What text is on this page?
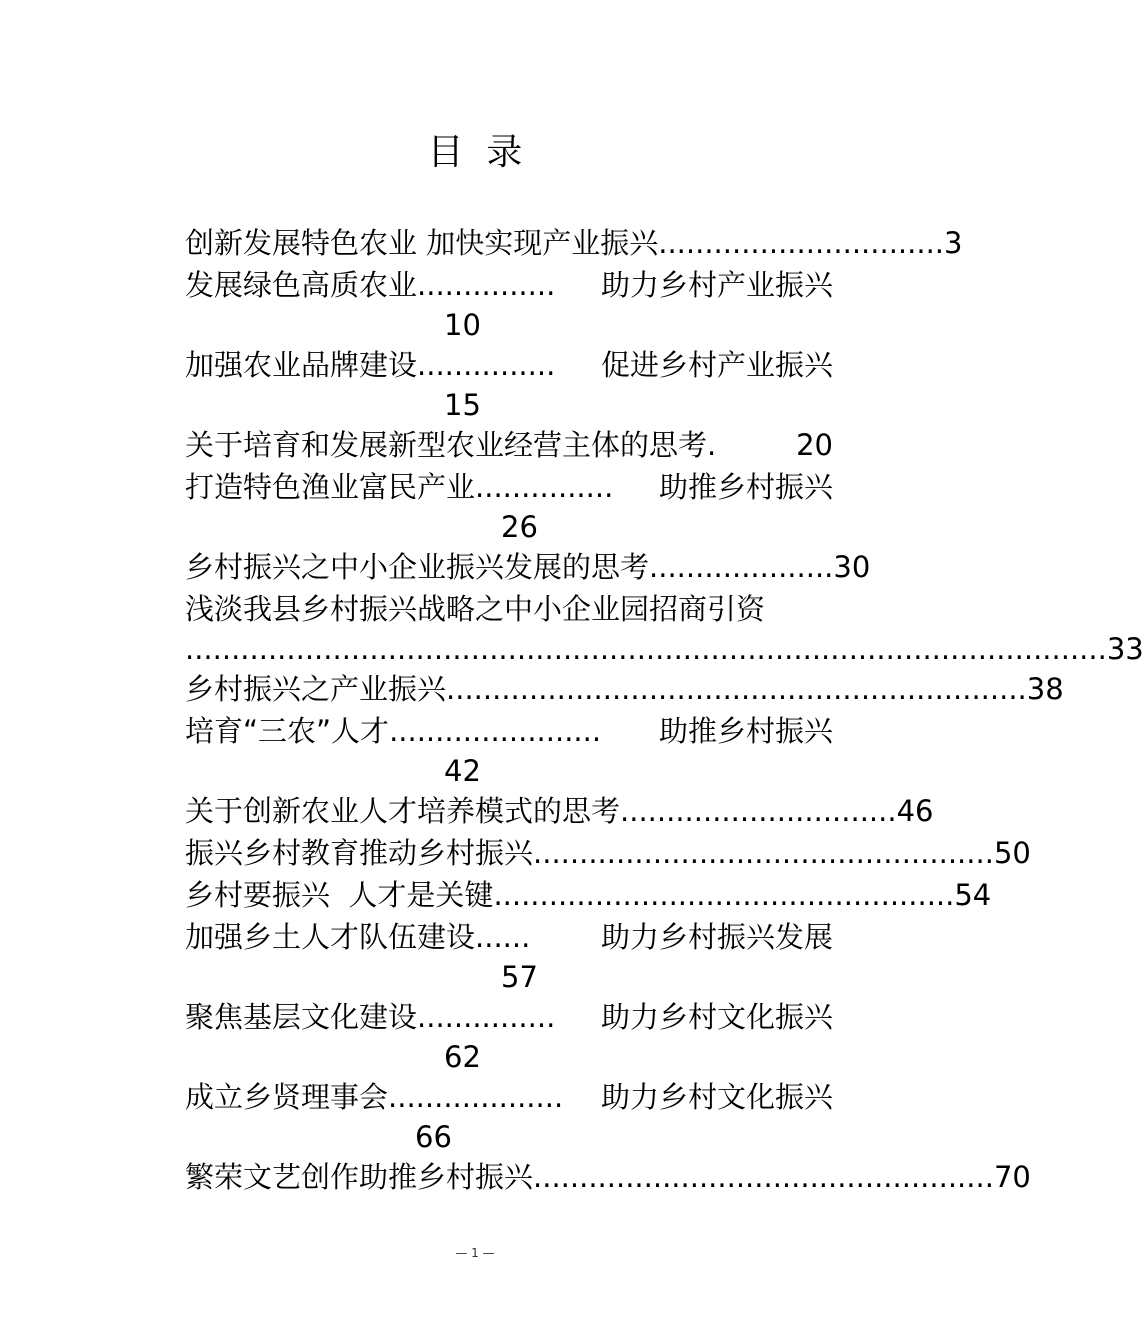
目  录
创新发展特色农业 加快实现产业振兴 ............................... 3
发展绿色高质农业 ...............	助力乡村产业振兴
10
加强农业品牌建设 ...............	促进乡村产业振兴
15
关于培育和发展新型农业经营主体的思考 .	20
打造特色渔业富民产业 ...............	助推乡村振兴
26
乡村振兴之中小企业振兴发展的思考 .................... 30
浅淡我县乡村振兴战略之中小企业园招商引资
.................................................................................................... 33
乡村振兴之产业振兴 ............................................................... 38
培育“三农”人才 .......................	助推乡村振兴
42
关于创新农业人才培养模式的思考 .............................. 46
振兴乡村教育推动乡村振兴 .................................................. 50
乡村要振兴  人才是关键 .................................................. 54
加强乡土人才队伍建设 ......	助力乡村振兴发展
57
聚焦基层文化建设 ...............	助力乡村文化振兴
62
成立乡贤理事会 ...................	助力乡村文化振兴
66
繁荣文艺创作助推乡村振兴 .................................................. 70
— 1 —
